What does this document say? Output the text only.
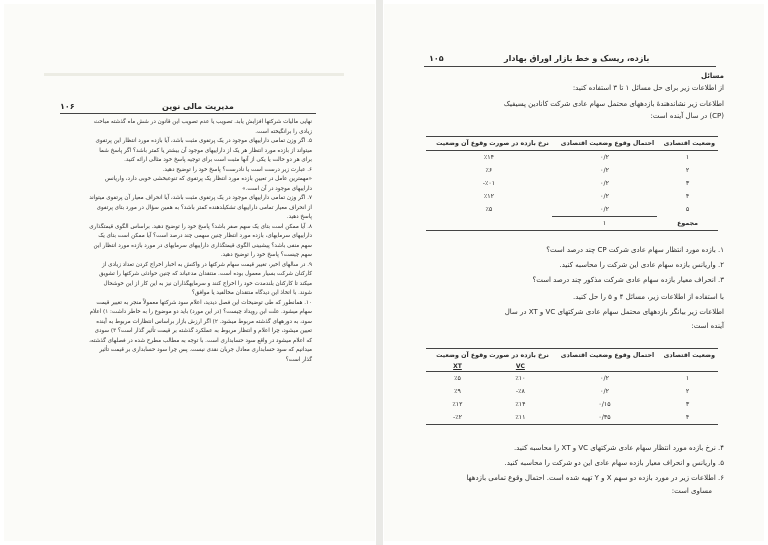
۱۰۶	مدیریت مالی نوین

نهایی مالیات شرکتها افزایش یابد. تصویب یا عدم تصویب این قانون در شش ماه گذشته مباحث زیادی را برانگیخته است.

۵. اگر وزن تمامی داراییهای موجود در یک پرتفوی مثبت باشد، آیا بازده مورد انتظار این پرتفوی میتواند از بازده مورد انتظار هر یک از داراییهای موجود آن بیشتر یا کمتر باشد؟ اگر پاسخ شما برای هر دو حالت یا یکی از آنها مثبت است برای توجیه پاسخ خود مثالی ارائه کنید.

۶. عبارت زیر درست است یا نادرست؟ پاسخ خود را توضیح دهید.

«مهمترین عامل در تعیین بازده مورد انتظار یک پرتفوی که تنوعبخشی خوبی دارد، واریانس داراییهای موجود در آن است.»

۷. اگر وزن تمامی داراییهای موجود در یک پرتفوی مثبت باشد، آیا انحراف معیار آن پرتفوی میتواند از انحراف معیار تمامی داراییهای تشکیلدهنده کمتر باشد؟ به همین سؤال در مورد بتای پرتفوی پاسخ دهید.

۸. آیا ممکن است بتای یک سهم صفر باشد؟ پاسخ خود را توضیح دهید. براساس الگوی قیمتگذاری داراییهای سرمایهای، بازده مورد انتظار چنین سهمی چند درصد است؟ آیا ممکن است بتای یک سهم منفی باشد؟ پیشبینی الگوی قیمتگذاری داراییهای سرمایهای در مورد بازده مورد انتظار این سهم چیست؟ پاسخ خود را توضیح دهید.

۹. در سالهای اخیر، تغییر قیمت سهام شرکتها در واکنش به اخبار اخراج کردن تعداد زیادی از کارکنان شرکت بسیار معمول بوده است. منتقدان مدعیاند که چنین حوادثی شرکتها را تشویق میکند تا کارکنان بلندمدت خود را اخراج کنند و سرمایهگذاران نیز به این کار از این خوشحال شوند. با اتخاذ این دیدگاه منتقدان مخالفید یا موافق؟

۱۰. همانطور که طی توضیحات این فصل دیدید، اعلام سود شرکتها معمولاً منجر به تغییر قیمت سهام میشود. علت این رویداد چیست؟ (در این مورد) باید دو موضوع را به خاطر داشت: ۱) اعلام سود، به دورههای گذشته مربوط میشود. ۲) اگر ارزش بازار براساس انتظارات مربوط به آینده تعیین میشود، چرا اعلام و انتظار مربوط به عملکرد گذشته بر قیمت تأثیر گذار است؟ ۳) سودی که اعلام میشود در واقع سود حسابداری است. با توجه به مطالب مطرح شده در فصلهای گذشته، میدانیم که سود حسابداری معادل جریان نقدی نیست. پس چرا سود حسابداری بر قیمت تأثیر گذار است؟

بازده، ریسک و خط بازار اوراق بهادار
۱۰۵
مسائل
از اطلاعات زیر برای حل مسائل ۱ تا ۳ استفاده کنید:
اطلاعات زیر نشاندهندهٔ بازدههای محتمل سهام عادی شرکت کانادین پسیفیک
(CP) در سال آینده است:
وضعیت اقتصادی	احتمال وقوع وضعیت اقتصادی	نرخ بازده در صورت وقوع آن وضعیت
۱	۰/۲	٪۱۴
۲	۰/۲	٪۶
۳	۰/۲	٪۰۱-
۴	۰/۲	٪۱۲
۵	۰/۲	٪۵
مجموع	۱	
۱. بازده مورد انتظار سهام عادی شرکت CP چند درصد است؟
۲. واریانس بازده سهام عادی این شرکت را محاسبه کنید.
۳. انحراف معیار بازده سهام عادی شرکت مذکور چند درصد است؟
با استفاده از اطلاعات زیر، مسائل ۴ و ۵ را حل کنید.
اطلاعات زیر بیانگر بازدههای محتمل سهام عادی شرکتهای VC و XT در سال
آینده است:
وضعیت اقتصادی	احتمال وقوع وضعیت اقتصادی	نرخ بازده در صورت وقوع آن وضعیت	
		VC	XT
۱	۰/۲	٪۱۰	٪۵
۲	۰/۲	٪۸-	٪۹
۳	۰/۱۵	٪۱۴	٪۱۲
۴	۰/۳۵	٪۱۱	٪۲-
۴. نرخ بازده مورد انتظار سهام عادی شرکتهای VC و XT را محاسبه کنید.
۵. واریانس و انحراف معیار بازده سهام عادی این دو شرکت را محاسبه کنید.
۶. اطلاعات زیر در مورد بازده دو سهم X و Y تهیه شده است. احتمال وقوع تمامی بازدهها
مساوی است:
